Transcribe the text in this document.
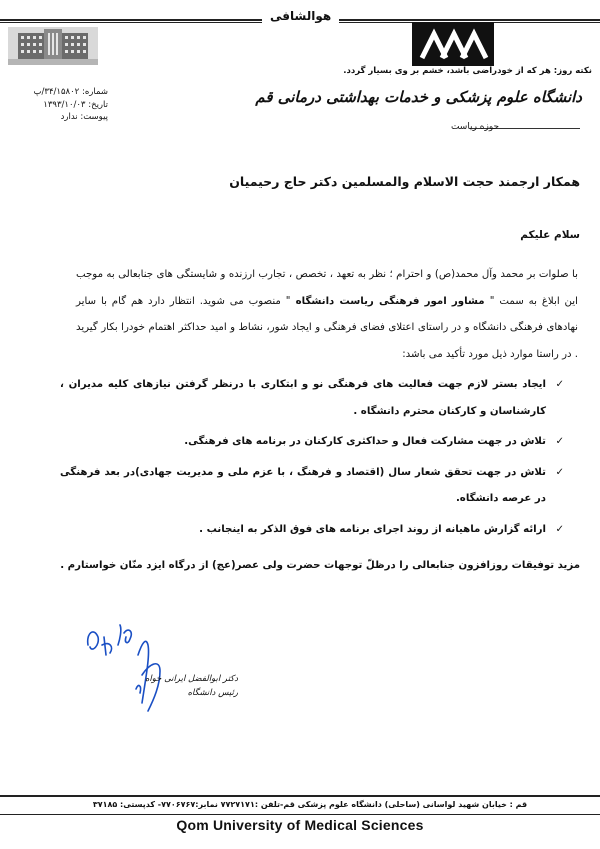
هوالشافی
نکته روز: هر که از خودراضی باشد، خشم بر وی بسیار گردد.
شماره: ۳۴/۱۵۸۰۲/پ
تاریخ: ۱۳۹۳/۱۰/۰۳
پیوست: ندارد
دانشگاه علوم پزشکی و خدمات بهداشتی درمانی قم
حوزه ریاست
همکار ارجمند حجت الاسلام والمسلمین دکتر حاج رحیمیان
سلام علیکم

با صلوات بر محمد وآل محمد(ص) و احترام ؛ نظر به تعهد ، تخصص ، تجارب ارزنده و شایستگی های جنابعالی به موجب این ابلاغ به سمت " مشاور امور فرهنگی ریاست دانشگاه " منصوب می شوید. انتظار دارد هم گام با سایر نهادهای فرهنگی دانشگاه و در راستای اعتلای فضای فرهنگی و ایجاد شور، نشاط و امید حداکثر اهتمام خودرا بکار گیرید . در راستا موارد ذیل مورد تأکید می باشد:

✓
ایجاد بستر لازم جهت فعالیت های فرهنگی نو و ابتکاری با درنظر گرفتن نیازهای کلیه مدیران ، کارشناسان و کارکنان محترم دانشگاه .
✓
تلاش در جهت مشارکت فعال و حداکثری کارکنان در برنامه های فرهنگی.
✓
تلاش در جهت تحقق شعار سال (اقتصاد و فرهنگ ، با عزم ملی و مدیریت جهادی)در بعد فرهنگی در عرصه دانشگاه.
✓
ارائه گزارش ماهیانه از روند اجرای برنامه های فوق الذکر به اینجانب .
مزید توفیقات روزافزون جنابعالی را درظلّ توجهات حضرت ولی عصر(عج) از درگاه ایزد منّان خواستارم .
دکتر ابوالفضل ایرانی خواه
رئیس دانشگاه
قم : خیابان شهید لواسانی (ساحلی) دانشگاه علوم پزشکی قم-تلفن :۷۷۲۷۱۷۱ نمابر:۷۷۰۶۷۶۷- کدپستی: ۳۷۱۸۵
Qom University of Medical Sciences
